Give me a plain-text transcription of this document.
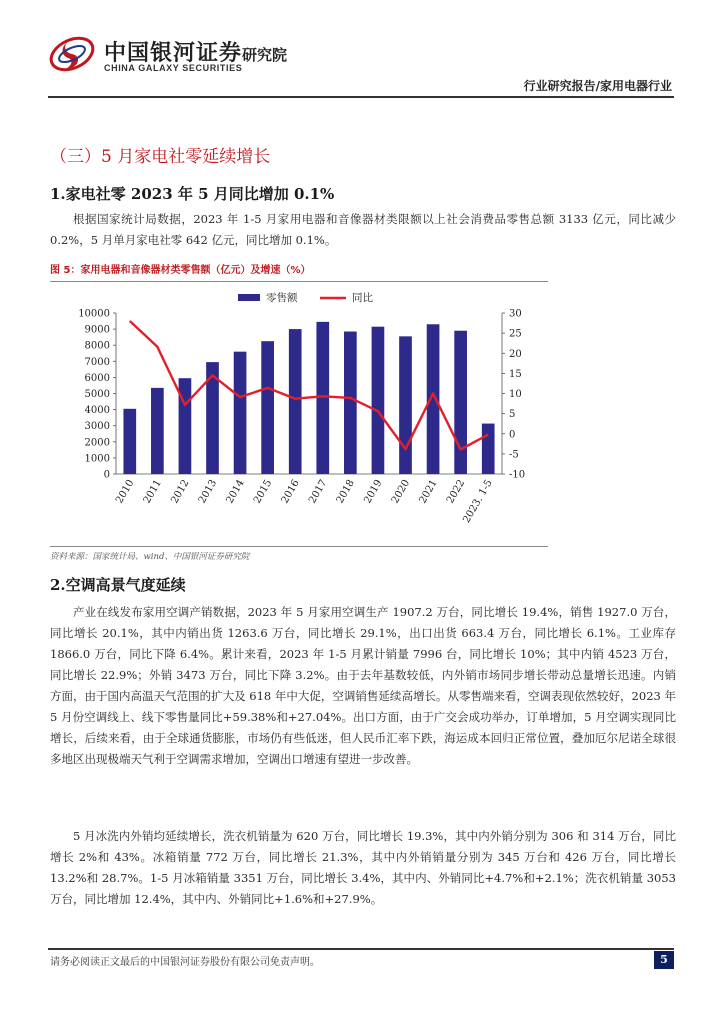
中国银河证券
CHINA GALAXY SECURITIES
研究院
行业研究报告/家用电器行业
（三）5 月家电社零延续增长
1.家电社零 2023 年 5 月同比增加 0.1%
根据国家统计局数据，2023 年 1-5 月家用电器和音像器材类限额以上社会消费品零售总额 3133 亿元，同比减少 0.2%，5 月单月家电社零 642 亿元，同比增加 0.1%。
图 5：家用电器和音像器材类零售额（亿元）及增速（%）
0
1000
2000
3000
4000
5000
6000
7000
8000
9000
10000
-10
-5
0
5
10
15
20
25
30
2010 2011 2012 2013 2014 2015 2016 2017 2018 2019 2020 2021 2022
2023. 1-5
零售额	同比
资料来源：国家统计局、wind、中国银河证券研究院
2.空调高景气度延续
产业在线发布家用空调产销数据，2023 年 5 月家用空调生产 1907.2 万台，同比增长 19.4%，销售 1927.0 万台，同比增长 20.1%，其中内销出货 1263.6 万台，同比增长 29.1%，出口出货 663.4 万台，同比增长 6.1%。工业库存 1866.0 万台，同比下降 6.4%。累计来看，2023 年 1-5 月累计销量 7996 台，同比增长 10%；其中内销 4523 万台，同比增长 22.9%；外销 3473 万台，同比下降 3.2%。由于去年基数较低，内外销市场同步增长带动总量增长迅速。内销方面，由于国内高温天气范围的扩大及 618 年中大促，空调销售延续高增长。从零售端来看，空调表现依然较好，2023 年 5 月份空调线上、线下零售量同比+59.38%和+27.04%。出口方面，由于广交会成功举办，订单增加，5 月空调实现同比增长，后续来看，由于全球通货膨胀，市场仍有些低迷，但人民币汇率下跌，海运成本回归正常位置，叠加厄尔尼诺全球很多地区出现极端天气利于空调需求增加，空调出口增速有望进一步改善。
5 月冰洗内外销均延续增长，洗衣机销量为 620 万台，同比增长 19.3%，其中内外销分别为 306 和 314 万台，同比增长 2%和 43%。冰箱销量 772 万台，同比增长 21.3%，其中内外销销量分别为 345 万台和 426 万台，同比增长 13.2%和 28.7%。1-5 月冰箱销量 3351 万台，同比增长 3.4%，其中内、外销同比+4.7%和+2.1%；洗衣机销量 3053 万台，同比增加 12.4%，其中内、外销同比+1.6%和+27.9%。
请务必阅读正文最后的中国银河证券股份有限公司免责声明。	5
